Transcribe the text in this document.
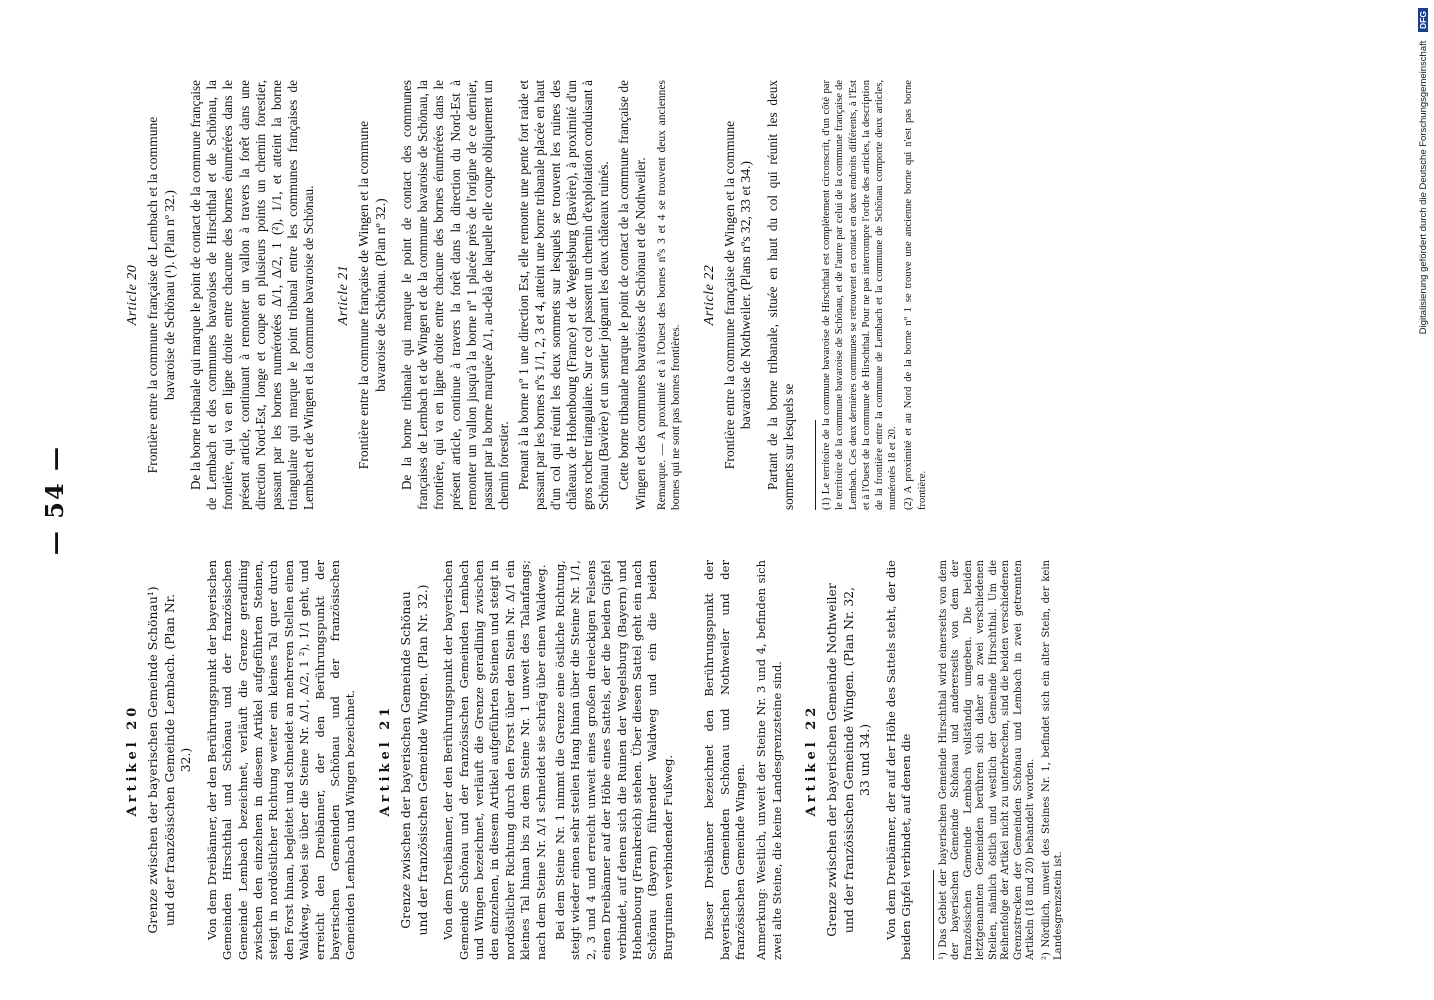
— 54 —
Artikel 20 Grenze zwischen der bayerischen Gemeinde Schönau¹) und der französischen Gemeinde Lembach. (Plan Nr. 32.) Von dem Dreibänner, der den Berührungspunkt der bayerischen Gemeinden Hirschthal und Schönau und der französischen Gemeinde Lembach bezeichnet, verläuft die Grenze geradlinig zwischen den einzelnen in diesem Artikel aufgeführten Steinen, steigt in nordöstlicher Richtung weiter ein kleines Tal quer durch den Forst hinan, begleitet und schneidet an mehreren Stellen einen Waldweg, wobei sie über die Steine Nr. Δ/1, Δ/2, 1 ²), 1/1 geht, und erreicht den Dreibänner, der den Berührungspunkt der bayerischen Gemeinden Schönau und der französischen Gemeinden Lembach und Wingen bezeichnet. Artikel 21 Grenze zwischen der bayerischen Gemeinde Schönau und der französischen Gemeinde Wingen. (Plan Nr. 32.) Von dem Dreibänner, der den Berührungspunkt der bayerischen Gemeinde Schönau und der französischen Gemeinden Lembach und Wingen bezeichnet, verläuft die Grenze geradlinig zwischen den einzelnen, in diesem Artikel aufgeführten Steinen und steigt in nordöstlicher Richtung durch den Forst über den Stein Nr. Δ/1 ein kleines Tal hinan bis zu dem Steine Nr. 1 unweit des Talanfangs; nach dem Steine Nr. Δ/1 schneidet sie schräg über einen Waldweg. Bei dem Steine Nr. 1 nimmt die Grenze eine östliche Richtung, steigt wieder einen sehr steilen Hang hinan über die Steine Nr. 1/1, 2, 3 und 4 und erreicht unweit eines großen dreieckigen Felsens einen Dreibänner auf der Höhe eines Sattels, der die beiden Gipfel verbindet, auf denen sich die Ruinen der Wegelsburg (Bayern) und Hohenbourg (Frankreich) stehen. Über diesen Sattel geht ein nach Schönau (Bayern) führender Waldweg und ein die beiden Burgruinen verbindender Fußweg. Dieser Dreibänner bezeichnet den Berührungspunkt der bayerischen Gemeinden Schönau und Nothweiler und der französischen Gemeinde Wingen. Anmerkung: Westlich, unweit der Steine Nr. 3 und 4, befinden sich zwei alte Steine, die keine Landesgrenzsteine sind. Artikel 22 Grenze zwischen der bayerischen Gemeinde Nothweiler und der französischen Gemeinde Wingen. (Plan Nr. 32, 33 und 34.) Von dem Dreibänner, der auf der Höhe des Sattels steht, der die beiden Gipfel verbindet, auf denen die ¹) Das Gebiet der bayerischen Gemeinde Hirschthal wird einerseits von dem der bayerischen Gemeinde Schönau und andererseits von dem der französischen Gemeinde Lembach vollständig umgeben. Die beiden letztgenannten Gemeinden berühren sich daher an zwei verschiedenen Stellen, nämlich östlich und westlich der Gemeinde Hirschthal. Um die Reihenfolge der Artikel nicht zu unterbrechen, sind die beiden verschiedenen Grenzstrecken der Gemeinden Schönau und Lembach in zwei getrennten Artikeln (18 und 20) behandelt worden. ²) Nördlich, unweit des Steines Nr. 1, befindet sich ein alter Stein, der kein Landesgrenzstein ist.

Article 20 Frontière entre la commune française de Lembach et la commune bavaroise de Schönau (¹). (Plan nº 32.) De la borne tribanale qui marque le point de contact de la commune française de Lembach et des communes bavaroises de Hirschthal et de Schönau, la frontière, qui va en ligne droite entre chacune des bornes énumérées dans le présent article, continuant à remonter un vallon à travers la forêt dans une direction Nord-Est, longe et coupe en plusieurs points un chemin forestier, passant par les bornes numérotées Δ/1, Δ/2, 1 (²), 1/1, et atteint la borne triangulaire qui marque le point tribanal entre les communes françaises de Lembach et de Wingen et la commune bavaroise de Schönau. Article 21 Frontière entre la commune française de Wingen et la commune bavaroise de Schönau. (Plan nº 32.) De la borne tribanale qui marque le point de contact des communes françaises de Lembach et de Wingen et de la commune bavaroise de Schönau, la frontière, qui va en ligne droite entre chacune des bornes énumérées dans le présent article, continue à travers la forêt dans la direction du Nord-Est à remonter un vallon jusqu'à la borne nº 1 placée près de l'origine de ce dernier, passant par la borne marquée Δ/1, au-delà de laquelle elle coupe obliquement un chemin forestier. Prenant à la borne nº 1 une direction Est, elle remonte une pente fort raide et passant par les bornes nºs 1/1, 2, 3 et 4, atteint une borne tribanale placée en haut d'un col qui réunit les deux sommets sur lesquels se trouvent les ruines des châteaux de Hohenbourg (France) et de Wegelsburg (Bavière), à proximité d'un gros rocher triangulaire. Sur ce col passent un chemin d'exploitation conduisant à Schönau (Bavière) et un sentier joignant les deux châteaux ruinés. Cette borne tribanale marque le point de contact de la commune française de Wingen et des communes bavaroises de Schönau et de Nothweiler. Remarque. — A proximité et à l'Ouest des bornes nºs 3 et 4 se trouvent deux anciennes bornes qui ne sont pas bornes frontières.

Article 22 Frontière entre la commune française de Wingen et la commune bavaroise de Nothweiler. (Plans nºs 32, 33 et 34.) Partant de la borne tribanale, située en haut du col qui réunit les deux sommets sur lesquels se (1) Le territoire de la commune bavaroise de Hirschthal est complètement circonscrit, d'un côté par le territoire de la commune bavaroise de Schönau, et de l'autre par celui de la commune française de Lembach. Ces deux dernières communes se retrouvent en contact en deux endroits différents, à l'Est et à l'Ouest de la commune de Hirschthal. Pour ne pas interrompre l'ordre des articles, la description de la frontière entre la commune de Lembach et la commune de Schönau comporte deux articles, numérotés 18 et 20. (2) A proximité et au Nord de la borne nº 1 se trouve une ancienne borne qui n'est pas borne frontière.

Digitalisierung gefördert durch die Deutsche Forschungsgemeinschaft DFG
